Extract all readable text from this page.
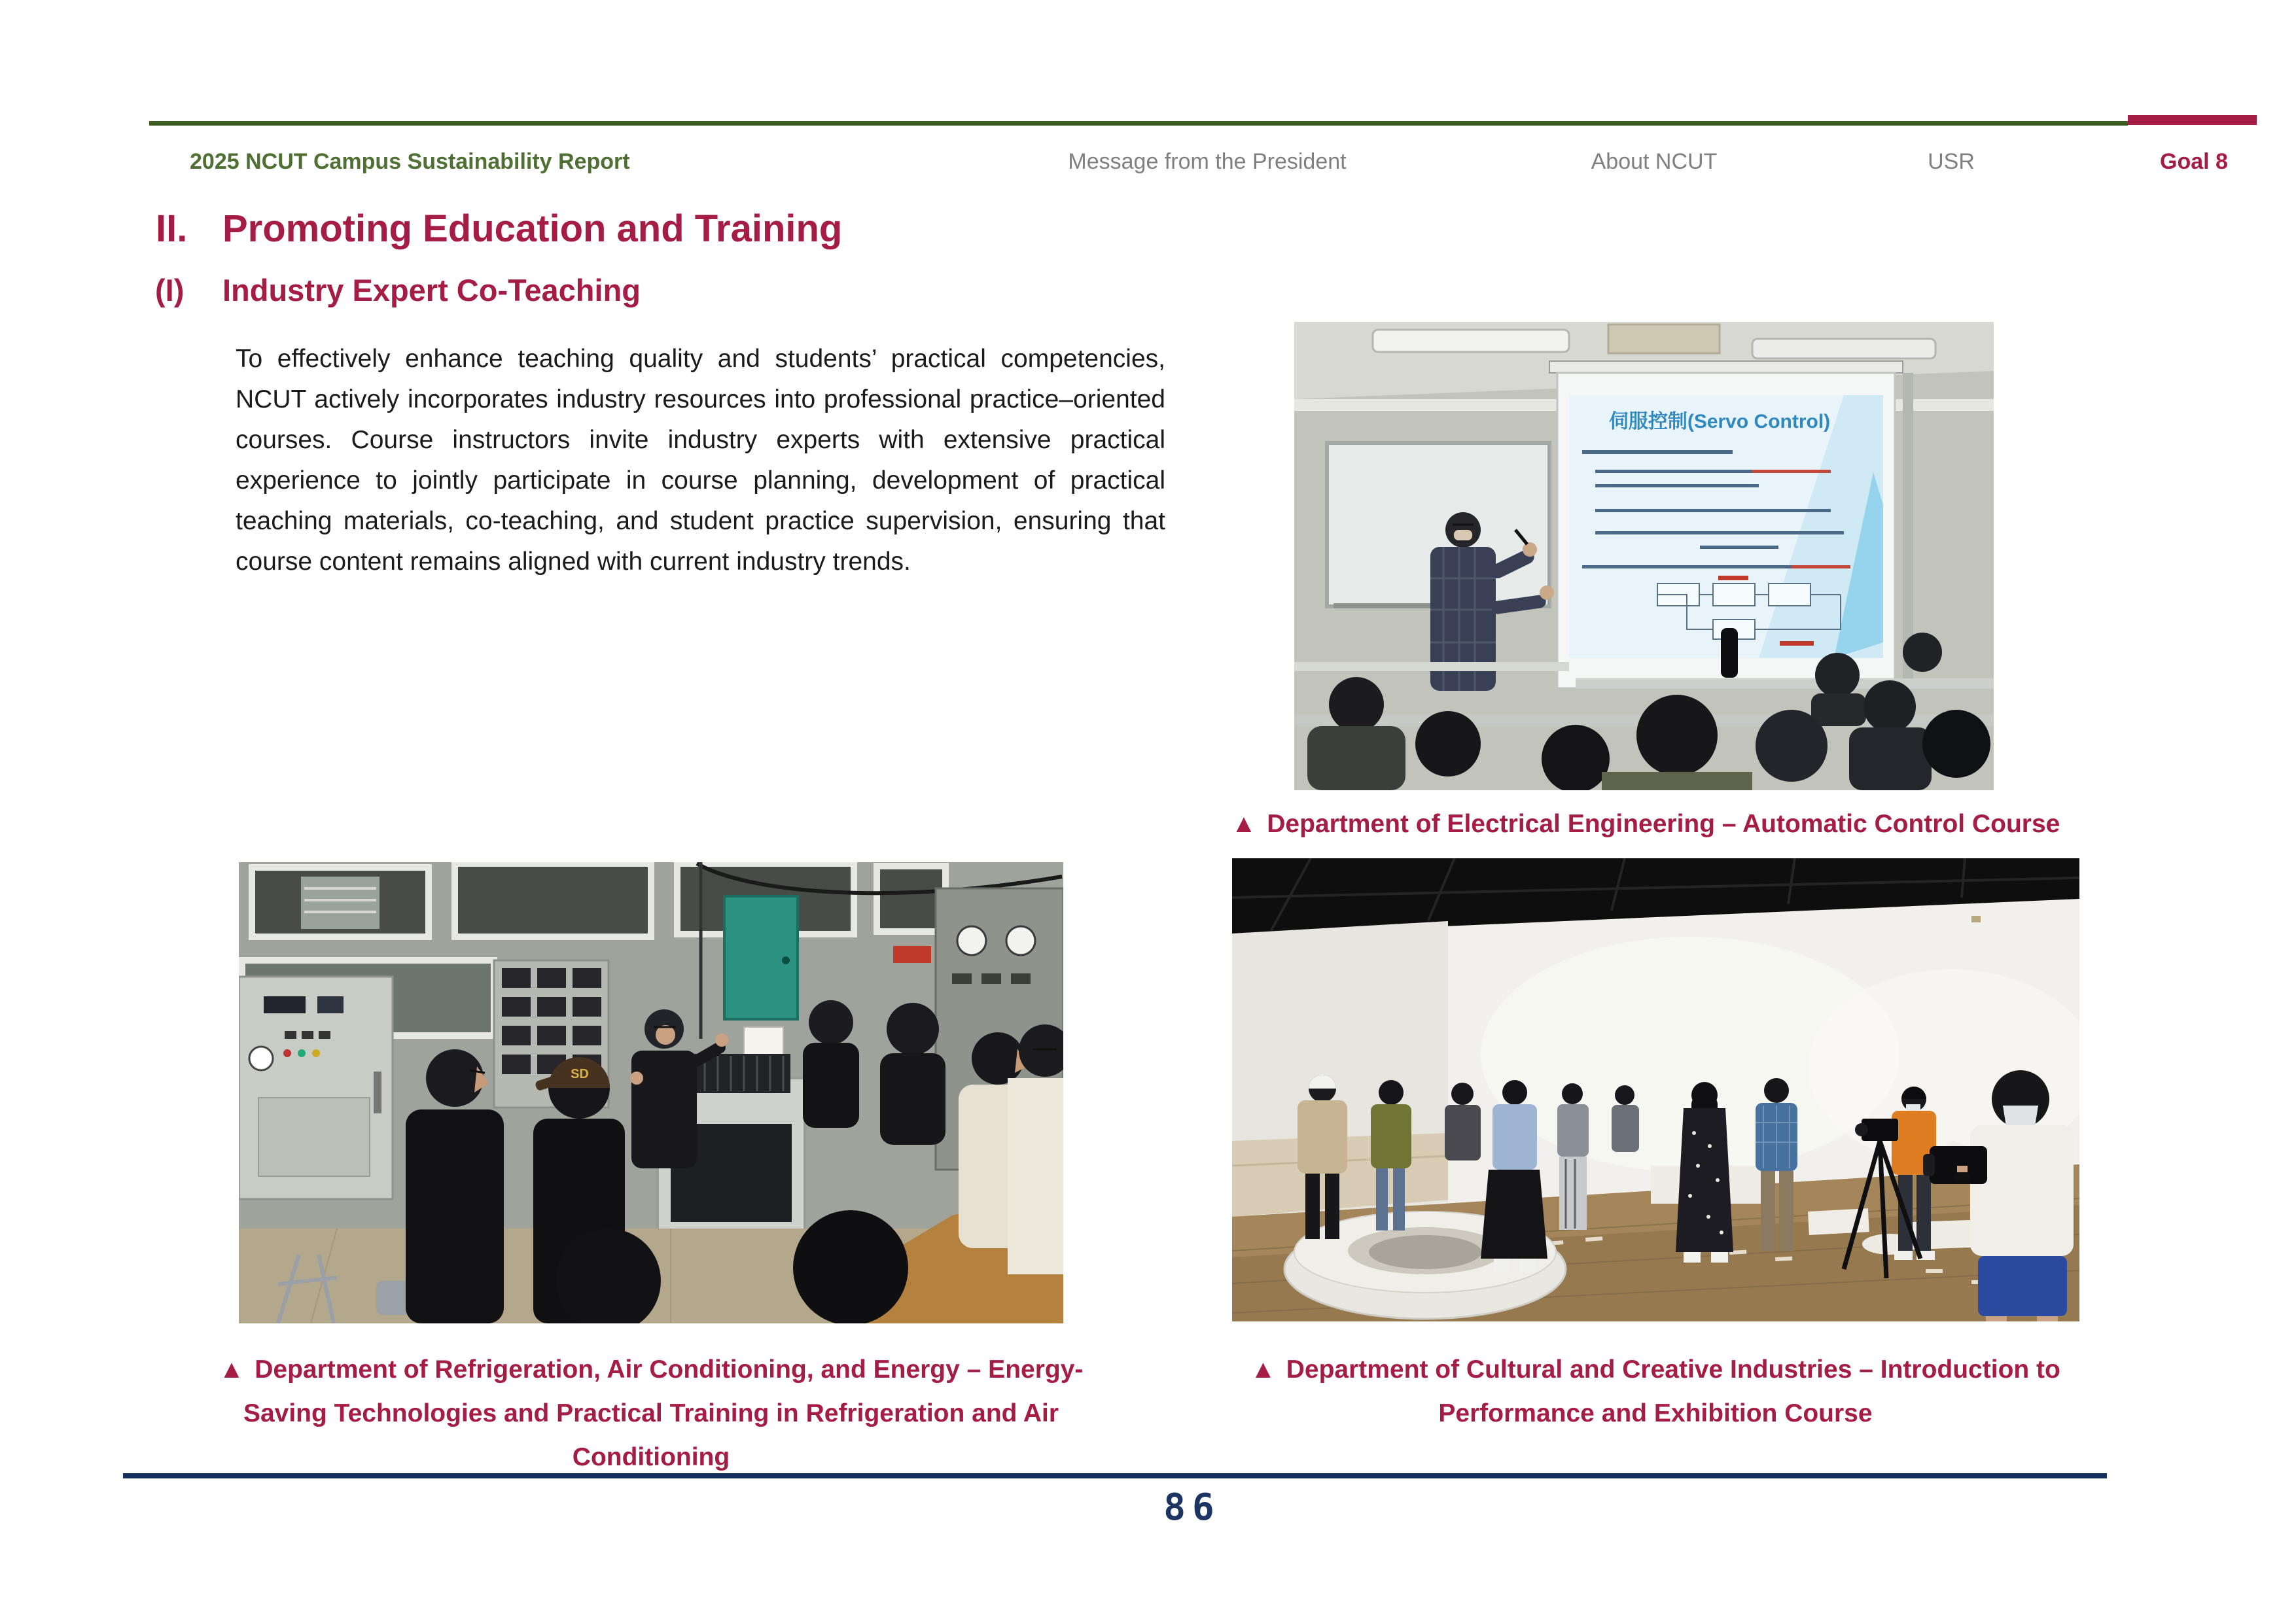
2025 NCUT Campus Sustainability Report	Message from the President	About NCUT	USR	Goal 8
II. Promoting Education and Training
(I)	Industry Expert Co-Teaching
To effectively enhance teaching quality and students’ practical competencies, NCUT actively incorporates industry resources into professional practice–oriented courses. Course instructors invite industry experts with extensive practical experience to jointly participate in course planning, development of practical teaching materials, co-teaching, and student practice supervision, ensuring that course content remains aligned with current industry trends.
伺服控制(Servo Control)
▲ Department of Electrical Engineering – Automatic Control Course
SD
▲ Department of Refrigeration, Air Conditioning, and Energy – Energy-Saving Technologies and Practical Training in Refrigeration and Air Conditioning
▲ Department of Cultural and Creative Industries – Introduction to Performance and Exhibition Course
86
